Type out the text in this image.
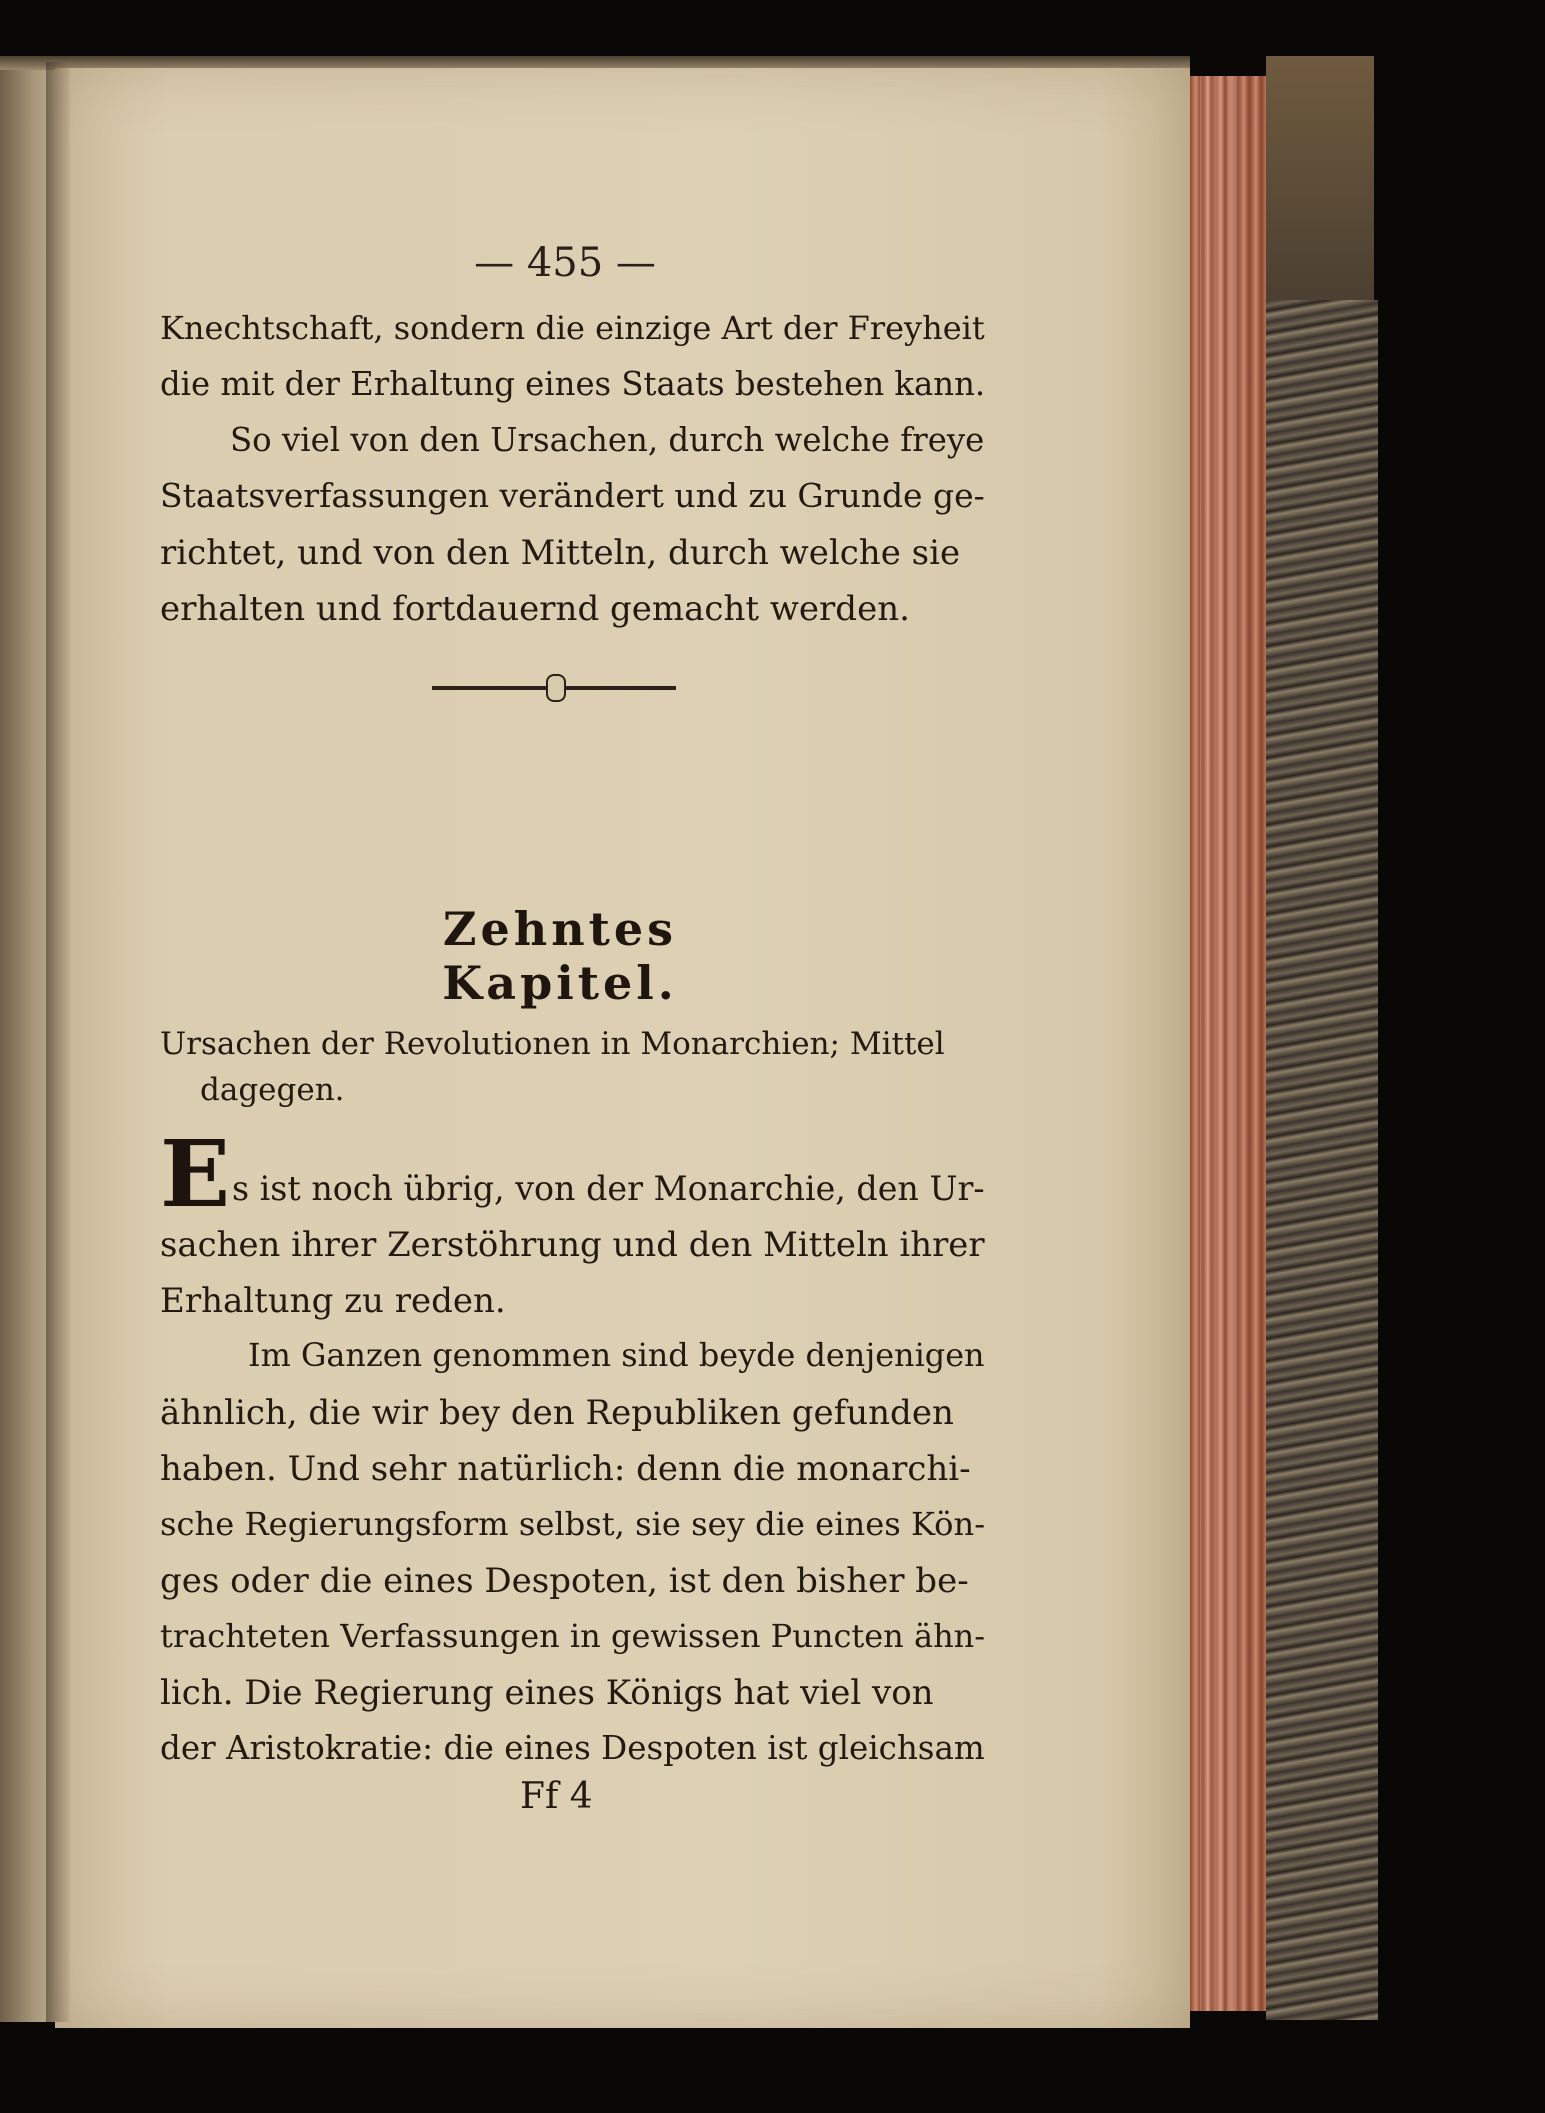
— 455 —
Knechtschaft, sondern die einzige Art der Freyheit
die mit der Erhaltung eines Staats bestehen kann.
So viel von den Ursachen, durch welche freye
Staatsverfassungen verändert und zu Grunde ge-
richtet, und von den Mitteln, durch welche sie
erhalten und fortdauernd gemacht werden.
Zehntes Kapitel.
Ursachen der Revolutionen in Monarchien; Mittel
dagegen.
E s ist noch übrig, von der Monarchie, den Ur-
sachen ihrer Zerstöhrung und den Mitteln ihrer
Erhaltung zu reden.
Im Ganzen genommen sind beyde denjenigen
ähnlich, die wir bey den Republiken gefunden
haben. Und sehr natürlich: denn die monarchi-
sche Regierungsform selbst, sie sey die eines Kön-
ges oder die eines Despoten, ist den bisher be-
trachteten Verfassungen in gewissen Puncten ähn-
lich. Die Regierung eines Königs hat viel von
der Aristokratie: die eines Despoten ist gleichsam
Ff 4
